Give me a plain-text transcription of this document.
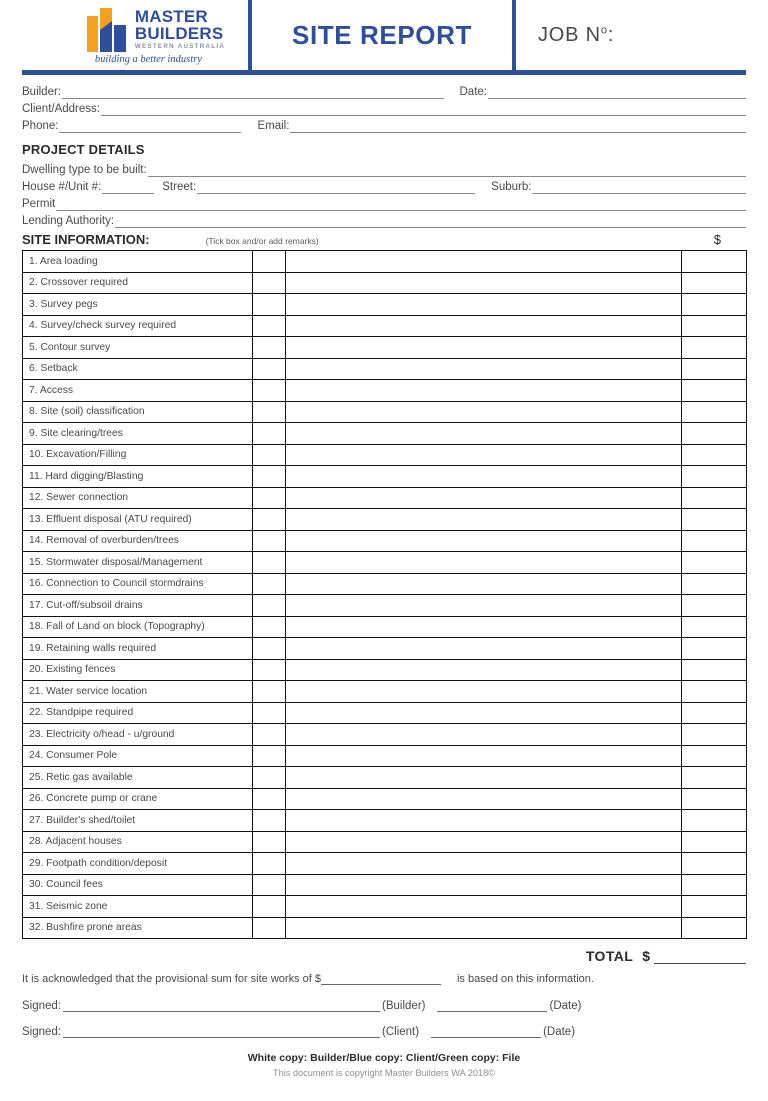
MASTER
BUILDERS
WESTERN AUSTRALIA
building a better industry
SITE REPORT	JOB $N^o$:
Builder:	Date:
Client/Address:
Phone:	Email:
PROJECT DETAILS
Dwelling type to be built:
House #/Unit #:	Street:	Suburb:
Permit
Lending Authority:
SITE INFORMATION:	(Tick box and/or add remarks)	$
1. Area loading			
2. Crossover required			
3. Survey pegs			
4. Survey/check survey required			
5. Contour survey			
6. Setback			
7. Access			
8. Site (soil) classification			
9. Site clearing/trees			
10. Excavation/Filling			
11. Hard digging/Blasting			
12. Sewer connection			
13. Effluent disposal (ATU required)			
14. Removal of overburden/trees			
15. Stormwater disposal/Management			
16. Connection to Council stormdrains			
17. Cut-off/subsoil drains			
18. Fall of Land on block (Topography)			
19. Retaining walls required			
20. Existing fences			
21. Water service location			
22. Standpipe required			
23. Electricity o/head - u/ground			
24. Consumer Pole			
25. Retic gas available			
26. Concrete pump or crane			
27. Builder's shed/toilet			
28. Adjacent houses			
29. Footpath condition/deposit			
30. Council fees			
31. Seismic zone			
32. Bushfire prone areas			
TOTAL $
It is acknowledged that the provisional sum for site works of $	is based on this information.
Signed:	(Builder)	(Date)
Signed:	(Client)	(Date)
White copy: Builder/Blue copy: Client/Green copy: File
This document is copyright Master Builders WA 2018©
